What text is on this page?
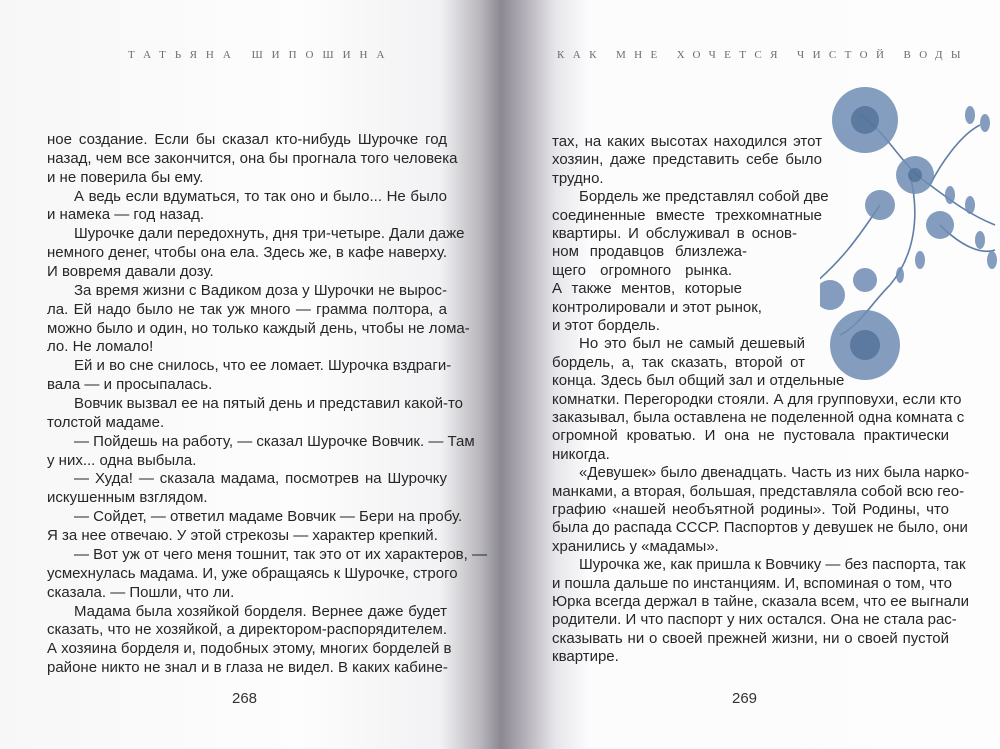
ТАТЬЯНА ШИПОШИНА
ное создание. Если бы сказал кто-нибудь Шурочке год
назад, чем все закончится, она бы прогнала того человека
и не поверила бы ему.
А ведь если вдуматься, то так оно и было... Не было
и намека — год назад.
Шурочке дали передохнуть, дня три-четыре. Дали даже
немного денег, чтобы она ела. Здесь же, в кафе наверху.
И вовремя давали дозу.
За время жизни с Вадиком доза у Шурочки не вырос-
ла. Ей надо было не так уж много — грамма полтора, а
можно было и один, но только каждый день, чтобы не лома-
ло. Не ломало!
Ей и во сне снилось, что ее ломает. Шурочка вздраги-
вала — и просыпалась.
Вовчик вызвал ее на пятый день и представил какой-то
толстой мадаме.
— Пойдешь на работу, — сказал Шурочке Вовчик. — Там
у них... одна выбыла.
— Худа! — сказала мадама, посмотрев на Шурочку
искушенным взглядом.
— Сойдет, — ответил мадаме Вовчик — Бери на пробу.
Я за нее отвечаю. У этой стрекозы — характер крепкий.
— Вот уж от чего меня тошнит, так это от их характеров, —
усмехнулась мадама. И, уже обращаясь к Шурочке, строго
сказала. — Пошли, что ли.
Мадама была хозяйкой борделя. Вернее даже будет
сказать, что не хозяйкой, а директором-распорядителем.
А хозяина борделя и, подобных этому, многих борделей в
районе никто не знал и в глаза не видел. В каких кабине-
268
КАК МНЕ ХОЧЕТСЯ ЧИСТОЙ ВОДЫ
тах, на каких высотах находился этот
хозяин, даже представить себе было
трудно.
Бордель же представлял собой две
соединенные вместе трехкомнатные
квартиры. И обслуживал в основ-
ном продавцов близлежа-
щего огромного рынка.
А также ментов, которые
контролировали и этот рынок,
и этот бордель.
Но это был не самый дешевый
бордель, а, так сказать, второй от
конца. Здесь был общий зал и отдельные
комнатки. Перегородки стояли. А для групповухи, если кто
заказывал, была оставлена не поделенной одна комната с
огромной кроватью. И она не пустовала практически
никогда.
«Девушек» было двенадцать. Часть из них была нарко-
манками, а вторая, большая, представляла собой всю гео-
графию «нашей необъятной родины». Той Родины, что
была до распада СССР. Паспортов у девушек не было, они
хранились у «мадамы».
Шурочка же, как пришла к Вовчику — без паспорта, так
и пошла дальше по инстанциям. И, вспоминая о том, что
Юрка всегда держал в тайне, сказала всем, что ее выгнали
родители. И что паспорт у них остался. Она не стала рас-
сказывать ни о своей прежней жизни, ни о своей пустой
квартире.
269
